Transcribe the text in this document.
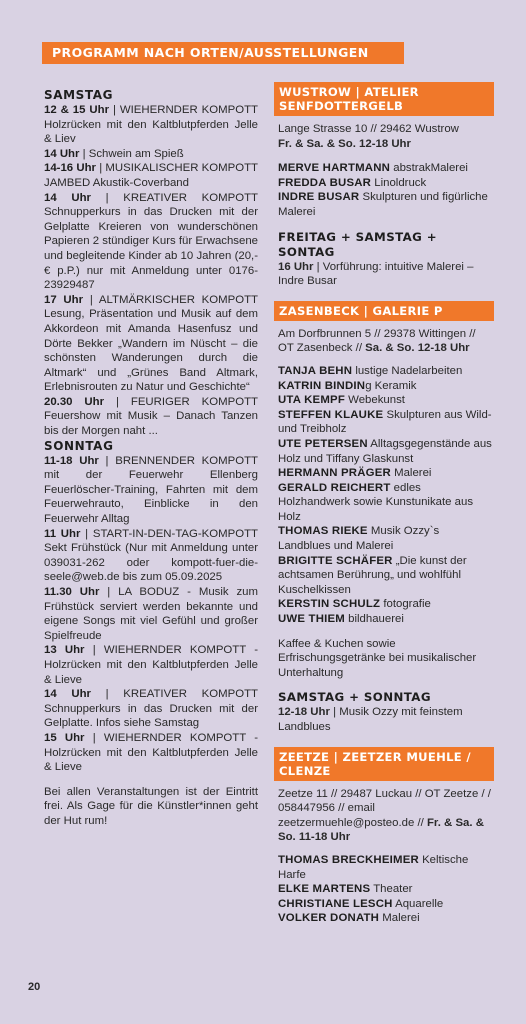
PROGRAMM NACH ORTEN/AUSSTELLUNGEN
SAMSTAG
12 & 15 Uhr | WIEHERNDER KOMPOTT Holzrücken mit den Kaltblutpferden Jelle & Liev
14 Uhr | Schwein am Spieß
14-16 Uhr | MUSIKALISCHER KOMPOTT JAMBED Akustik-Coverband
14 Uhr | KREATIVER KOMPOTT Schnupperkurs in das Drucken mit der Gelplatte Kreieren von wunderschönen Papieren 2 stündiger Kurs für Erwachsene und begleitende Kinder ab 10 Jahren (20,-€ p.P.) nur mit Anmeldung unter 0176-23929487
17 Uhr | ALTMÄRKISCHER KOMPOTT Lesung, Präsentation und Musik auf dem Akkordeon mit Amanda Hasenfusz und Dörte Bekker „Wandern im Nüscht – die schönsten Wanderungen durch die Altmark“ und „Grünes Band Altmark, Erlebnisrouten zu Natur und Geschichte“
20.30 Uhr | FEURIGER KOMPOTT Feuershow mit Musik – Danach Tanzen bis der Morgen naht ...
SONNTAG
11-18 Uhr | BRENNENDER KOMPOTT mit der Feuerwehr Ellenberg Feuerlöscher-Training, Fahrten mit dem Feuerwehrauto, Einblicke in den Feuerwehr Alltag
11 Uhr | START-IN-DEN-TAG-KOMPOTT Sekt Frühstück (Nur mit Anmeldung unter 039031-262 oder kompott-fuer-die-seele@web.de bis zum 05.09.2025
11.30 Uhr | LA BODUZ - Musik zum Frühstück serviert werden bekannte und eigene Songs mit viel Gefühl und großer Spielfreude
13 Uhr | WIEHERNDER KOMPOTT - Holzrücken mit den Kaltblutpferden Jelle & Lieve
14 Uhr | KREATIVER KOMPOTT Schnupperkurs in das Drucken mit der Gelplatte. Infos siehe Samstag
15 Uhr | WIEHERNDER KOMPOTT - Holzrücken mit den Kaltblutpferden Jelle & Lieve
Bei allen Veranstaltungen ist der Eintritt frei. Als Gage für die Künstler*innen geht der Hut rum!
WUSTROW | ATELIER SENFDOTTERGELB
Lange Strasse 10 // 29462 Wustrow
Fr. & Sa. & So. 12-18 Uhr
MERVE HARTMANN abstrakMalerei
FREDDA BUSAR Linoldruck
INDRE BUSAR Skulpturen und figürliche Malerei
FREITAG + SAMSTAG + SONTAG
16 Uhr | Vorführung: intuitive Malerei – Indre Busar
ZASENBECK | GALERIE P
Am Dorfbrunnen 5 // 29378 Wittingen // OT Zasenbeck // Sa. & So. 12-18 Uhr
TANJA BEHN lustige Nadelarbeiten
KATRIN BINDINg Keramik
UTA KEMPF Webekunst
STEFFEN KLAUKE Skulpturen aus Wild- und Treibholz
UTE PETERSEN Alltagsgegenstände aus Holz und Tiffany Glaskunst
HERMANN PRÄGER Malerei
GERALD REICHERT edles Holzhandwerk sowie Kunstunikate aus Holz
THOMAS RIEKE Musik Ozzy`s Landblues und Malerei
BRIGITTE SCHÄFER „Die kunst der achtsamen Berührung„ und wohlfühl Kuschelkissen
KERSTIN SCHULZ fotografie
UWE THIEM bildhauerei
Kaffee & Kuchen sowie Erfrischungsgetränke bei musikalischer Unterhaltung
SAMSTAG + SONNTAG
12-18 Uhr | Musik Ozzy mit feinstem Landblues
ZEETZE | ZEETZER MUEHLE / CLENZE
Zeetze 11 // 29487 Luckau // OT Zeetze / / 058447956 // email zeetzermuehle@posteo.de // Fr. & Sa. & So. 11-18 Uhr
THOMAS BRECKHEIMER Keltische Harfe
ELKE MARTENS Theater
CHRISTIANE LESCH Aquarelle
VOLKER DONATH Malerei
20
